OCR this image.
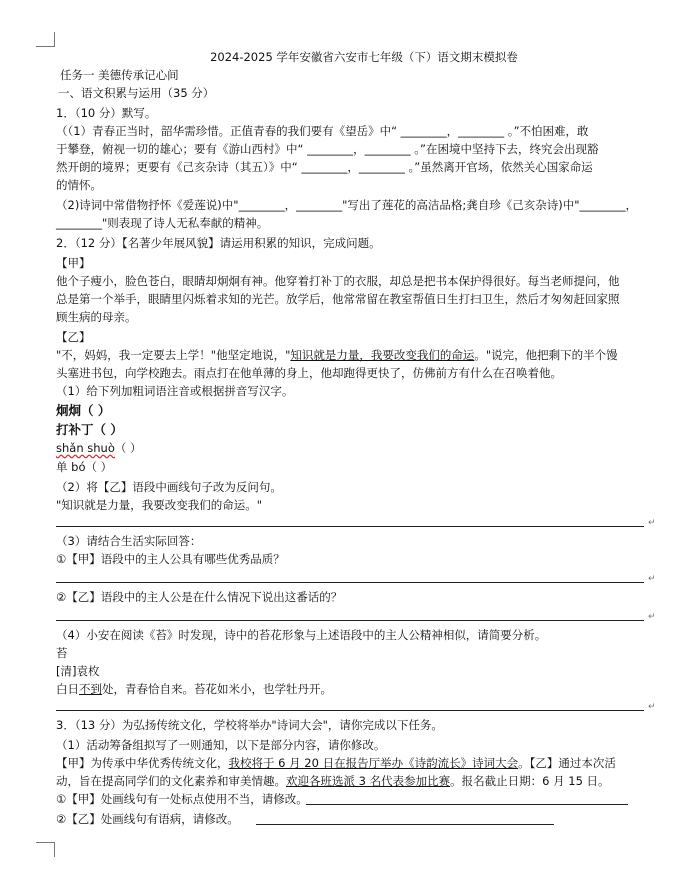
2024-2025 学年安徽省六安市七年级（下）语文期末模拟卷
任务一 美德传承记心间
一、语文积累与运用（35 分）
1．（10 分）默写。
（（1）青春正当时，韶华需珍惜。正值青春的我们要有《望岳》中“ ________，________ 。”不怕困难，敢
于攀登，俯视一切的雄心；要有《游山西村》中“ ________，________ 。”在困境中坚持下去，终究会出现豁
然开朗的境界；更要有《己亥杂诗（其五）》中“ ________，________ 。”虽然离开官场，依然关心国家命运
的情怀。
（2)诗词中常借物抒怀《爱莲说)中"________，________"写出了莲花的高洁品格;龚自珍《己亥杂诗)中"________，
________"则表现了诗人无私奉献的精神。
2．（12 分）【名著少年展风貌】请运用积累的知识，完成问题。
【甲】
他个子瘦小，脸色苍白，眼睛却炯炯有神。他穿着打补丁的衣服，却总是把书本保护得很好。每当老师提问，他
总是第一个举手，眼睛里闪烁着求知的光芒。放学后，他常常留在教室帮值日生打扫卫生，然后才匆匆赶回家照
顾生病的母亲。
【乙】
"不，妈妈，我一定要去上学！"他坚定地说，"知识就是力量，我要改变我们的命运。"说完，他把剩下的半个馒
头塞进书包，向学校跑去。雨点打在他单薄的身上，他却跑得更快了，仿佛前方有什么在召唤着他。
（1）给下列加粗词语注音或根据拼音写汉字。
炯炯（ ）
打补丁（ ）
shǎn shuò（ ）
单 bó（ ）
（2）将【乙】语段中画线句子改为反问句。
"知识就是力量，我要改变我们的命运。"
↵
（3）请结合生活实际回答：
①【甲】语段中的主人公具有哪些优秀品质？
↵
②【乙】语段中的主人公是在什么情况下说出这番话的？
↵
（4）小安在阅读《苔》时发现，诗中的苔花形象与上述语段中的主人公精神相似，请简要分析。
苔
[清]袁枚
白日不到处，青春恰自来。苔花如米小，也学牡丹开。
↵
3．（13 分）为弘扬传统文化，学校将举办"诗词大会"，请你完成以下任务。
（1）活动筹备组拟写了一则通知，以下是部分内容，请你修改。
【甲】为传承中华优秀传统文化，我校将于 6 月 20 日在报告厅举办《诗韵流长》诗词大会。【乙】通过本次活
动，旨在提高同学们的文化素养和审美情趣。欢迎各班选派 3 名代表参加比赛。报名截止日期：6 月 15 日。
①【甲】处画线句有一处标点使用不当，请修改。
②【乙】处画线句有语病，请修改。
